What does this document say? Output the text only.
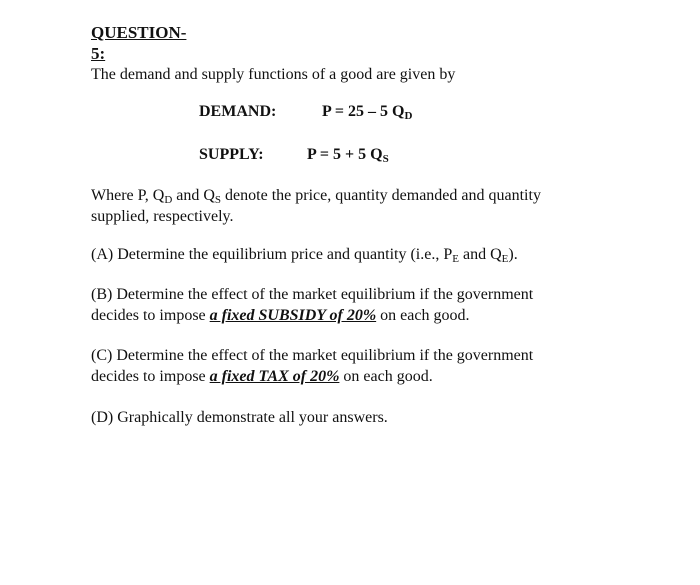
QUESTION-
5:

The demand and supply functions of a good are given by

DEMAND:	P = 25 – 5 $Q_D$
SUPPLY:	P = 5 + 5 $Q_S$

Where P, $Q_D$ and $Q_S$ denote the price, quantity demanded and quantity supplied, respectively.

(A) Determine the equilibrium price and quantity (i.e., $P_E$ and $Q_E$).

(B) Determine the effect of the market equilibrium if the government decides to impose a fixed SUBSIDY of 20% on each good.

(C) Determine the effect of the market equilibrium if the government decides to impose a fixed TAX of 20% on each good.

(D) Graphically demonstrate all your answers.
